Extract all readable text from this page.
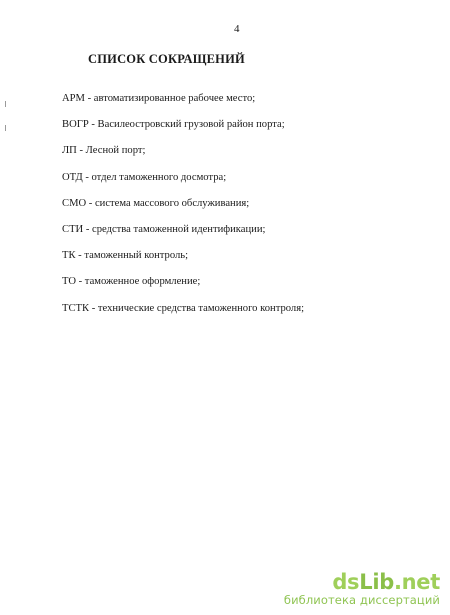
4
СПИСОК СОКРАЩЕНИЙ
АРМ - автоматизированное рабочее место;
ВОГР - Василеостровский грузовой район порта;
ЛП - Лесной порт;
ОТД - отдел таможенного досмотра;
СМО - система массового обслуживания;
СТИ - средства таможенной идентификации;
ТК - таможенный контроль;
ТО - таможенное оформление;
ТСТК - технические средства таможенного контроля;
dsLib.net
библиотека диссертаций
